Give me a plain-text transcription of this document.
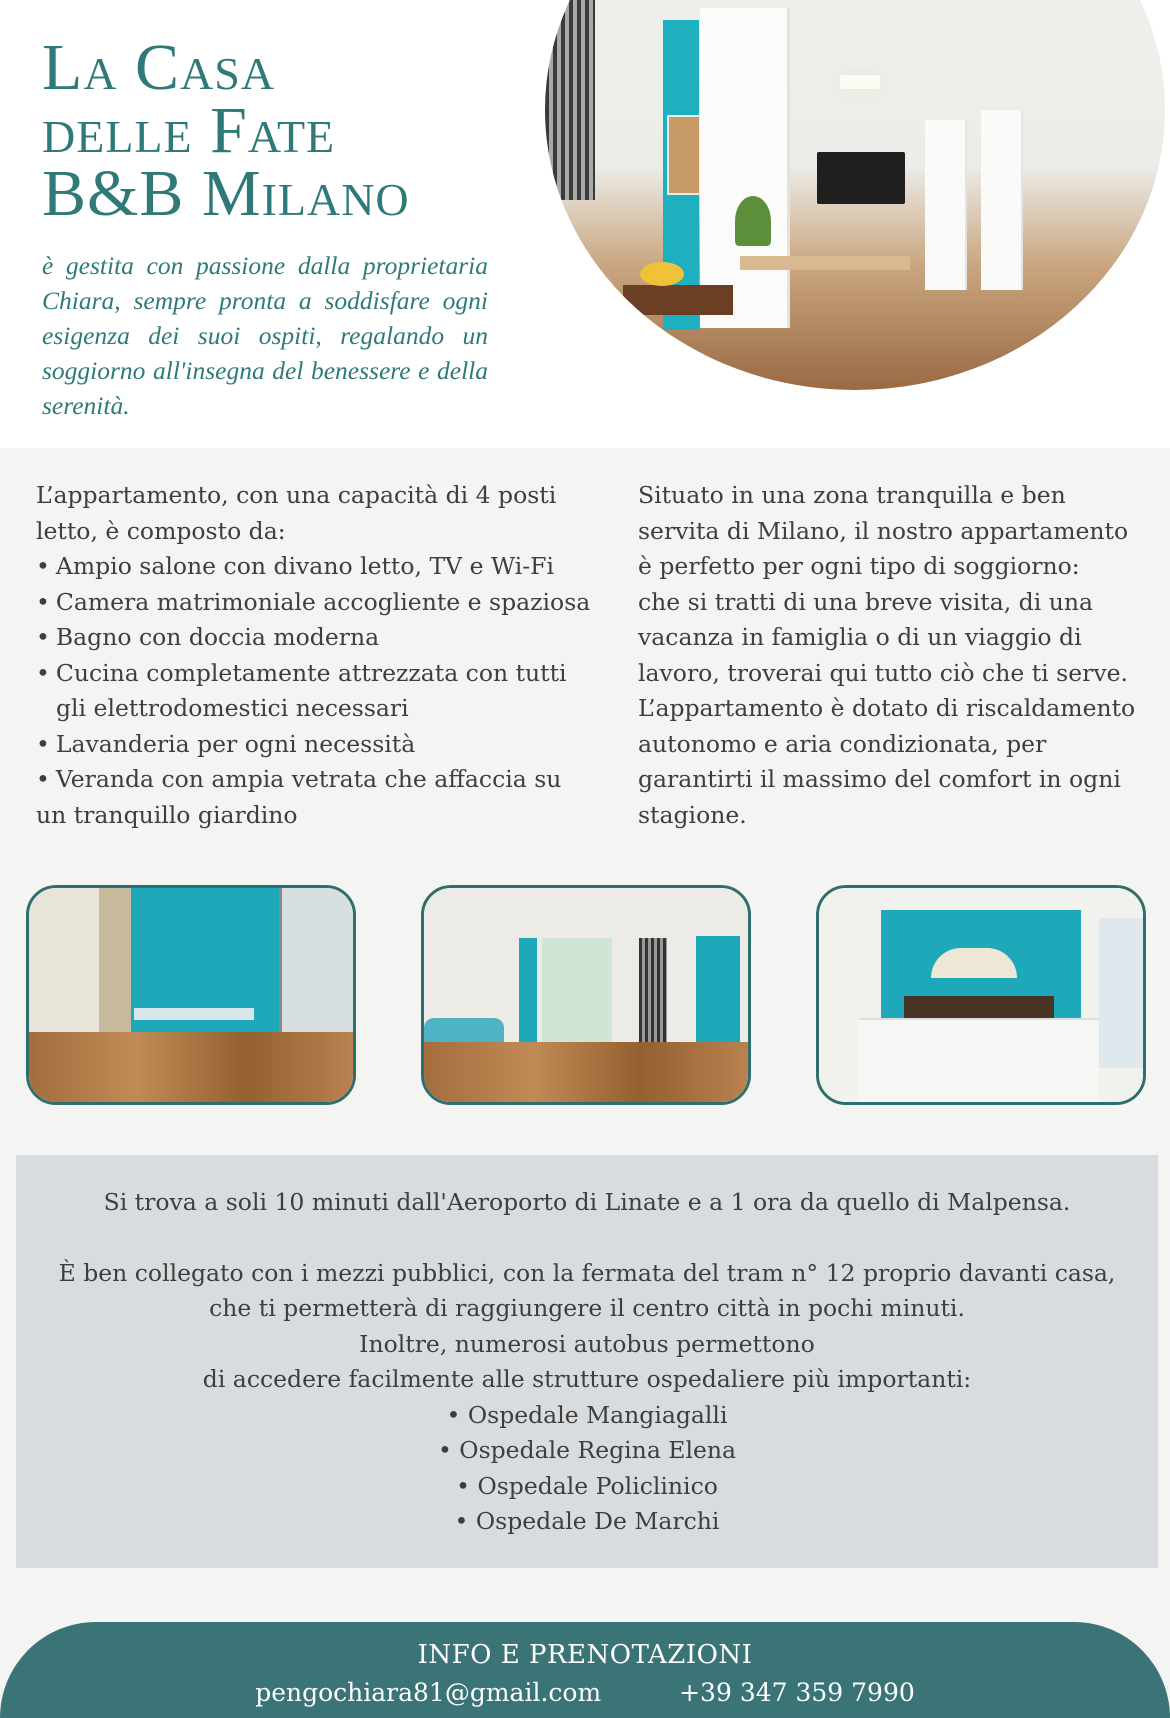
La Casa
delle Fate
B&B Milano

è gestita con passione dalla proprietaria Chiara, sempre pronta a soddisfare ogni esigenza dei suoi ospiti, regalando un soggiorno all'insegna del benessere e della serenità.

L’appartamento, con una capacità di 4 posti
letto, è composto da:
• Ampio salone con divano letto, TV e Wi-Fi
• Camera matrimoniale accogliente e spaziosa
• Bagno con doccia moderna
• Cucina completamente attrezzata con tutti
gli elettrodomestici necessari
• Lavanderia per ogni necessità
• Veranda con ampia vetrata che affaccia su
un tranquillo giardino
Situato in una zona tranquilla e ben
servita di Milano, il nostro appartamento
è perfetto per ogni tipo di soggiorno:
che si tratti di una breve visita, di una
vacanza in famiglia o di un viaggio di
lavoro, troverai qui tutto ciò che ti serve.
L’appartamento è dotato di riscaldamento
autonomo e aria condizionata, per
garantirti il massimo del comfort in ogni
stagione.

Si trova a soli 10 minuti dall'Aeroporto di Linate e a 1 ora da quello di Malpensa.

È ben collegato con i mezzi pubblici, con la fermata del tram n° 12 proprio davanti casa,

che ti permetterà di raggiungere il centro città in pochi minuti.

Inoltre, numerosi autobus permettono

di accedere facilmente alle strutture ospedaliere più importanti:

• Ospedale Mangiagalli

• Ospedale Regina Elena

• Ospedale Policlinico

• Ospedale De Marchi

INFO E PRENOTAZIONI
pengochiara81@gmail.com	+39 347 359 7990
